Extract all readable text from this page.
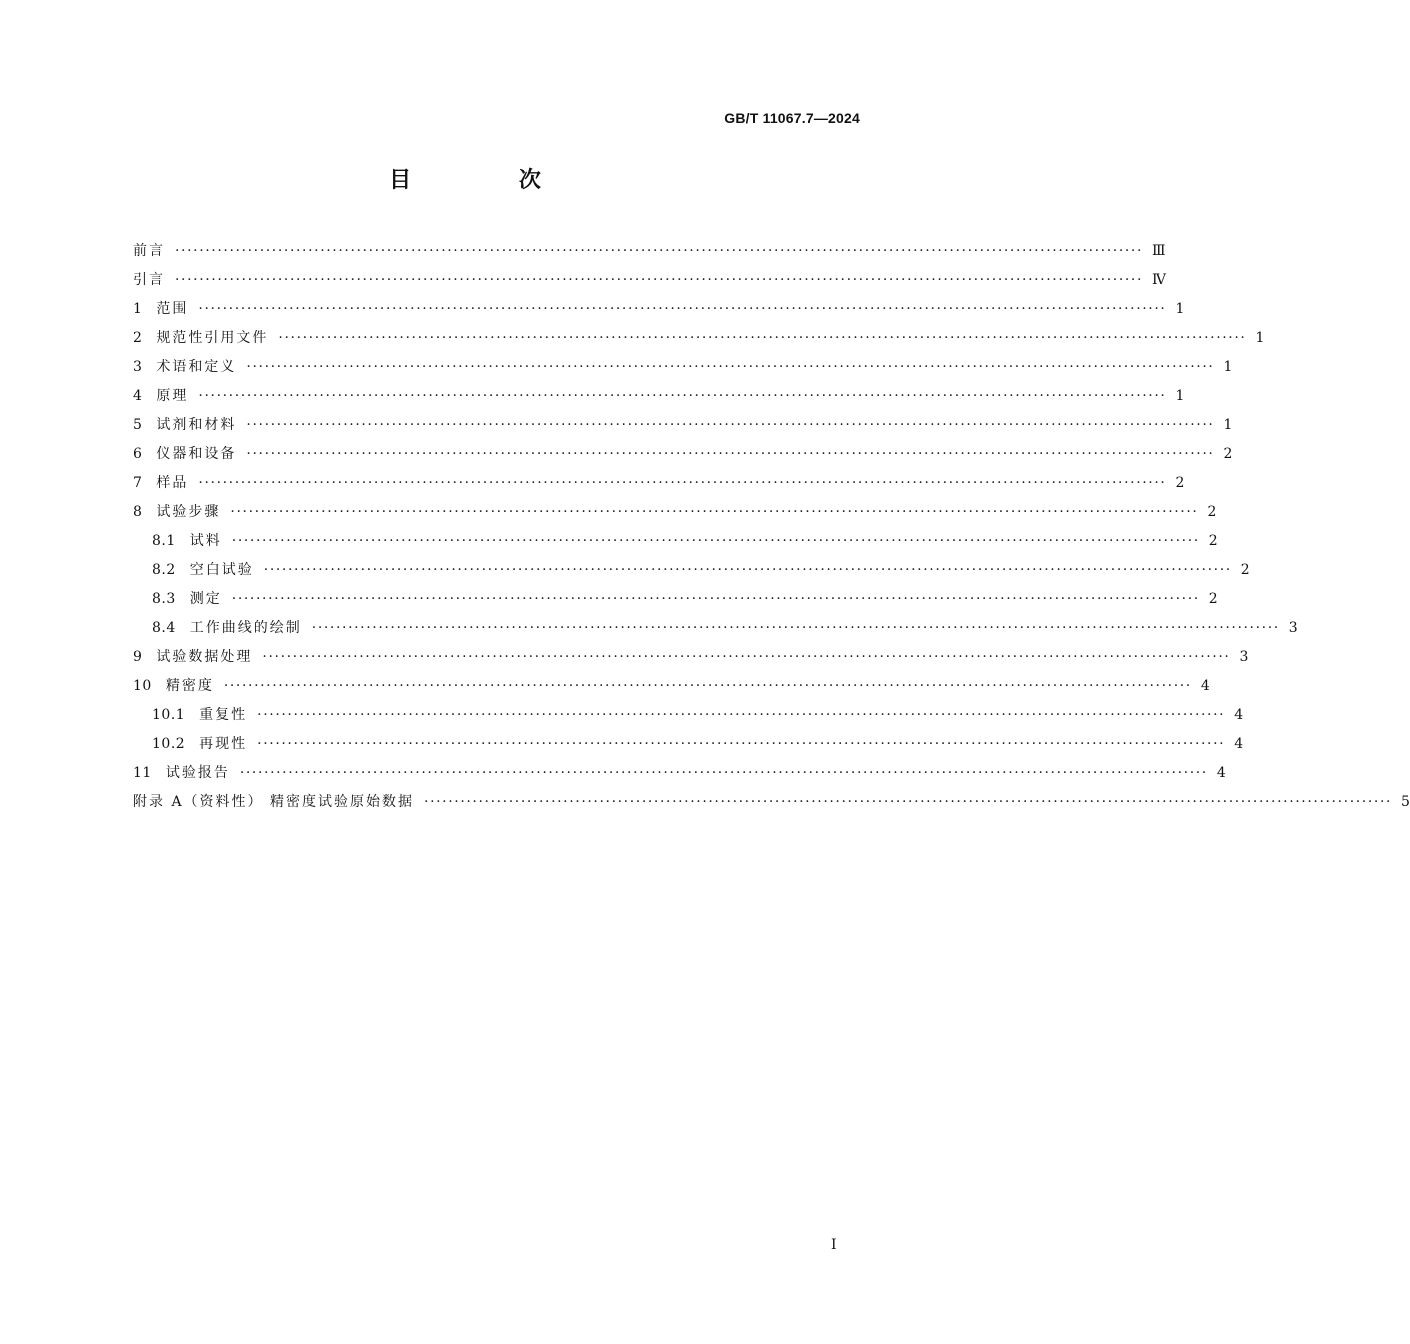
GB/T 11067.7—2024
目 次
前言 ································································································································································ Ⅲ
引言 ································································································································································ Ⅳ
1 范围 ································································································································································ 1
2 规范性引用文件 ································································································································································ 1
3 术语和定义 ································································································································································ 1
4 原理 ································································································································································ 1
5 试剂和材料 ································································································································································ 1
6 仪器和设备 ································································································································································ 2
7 样品 ································································································································································ 2
8 试验步骤 ································································································································································ 2
8.1 试料 ································································································································································ 2
8.2 空白试验 ································································································································································ 2
8.3 测定 ································································································································································ 2
8.4 工作曲线的绘制 ································································································································································ 3
9 试验数据处理 ································································································································································ 3
10 精密度 ································································································································································ 4
10.1 重复性 ································································································································································ 4
10.2 再现性 ································································································································································ 4
11 试验报告 ································································································································································ 4
附录 A（资料性） 精密度试验原始数据 ································································································································································ 5
Ⅰ
